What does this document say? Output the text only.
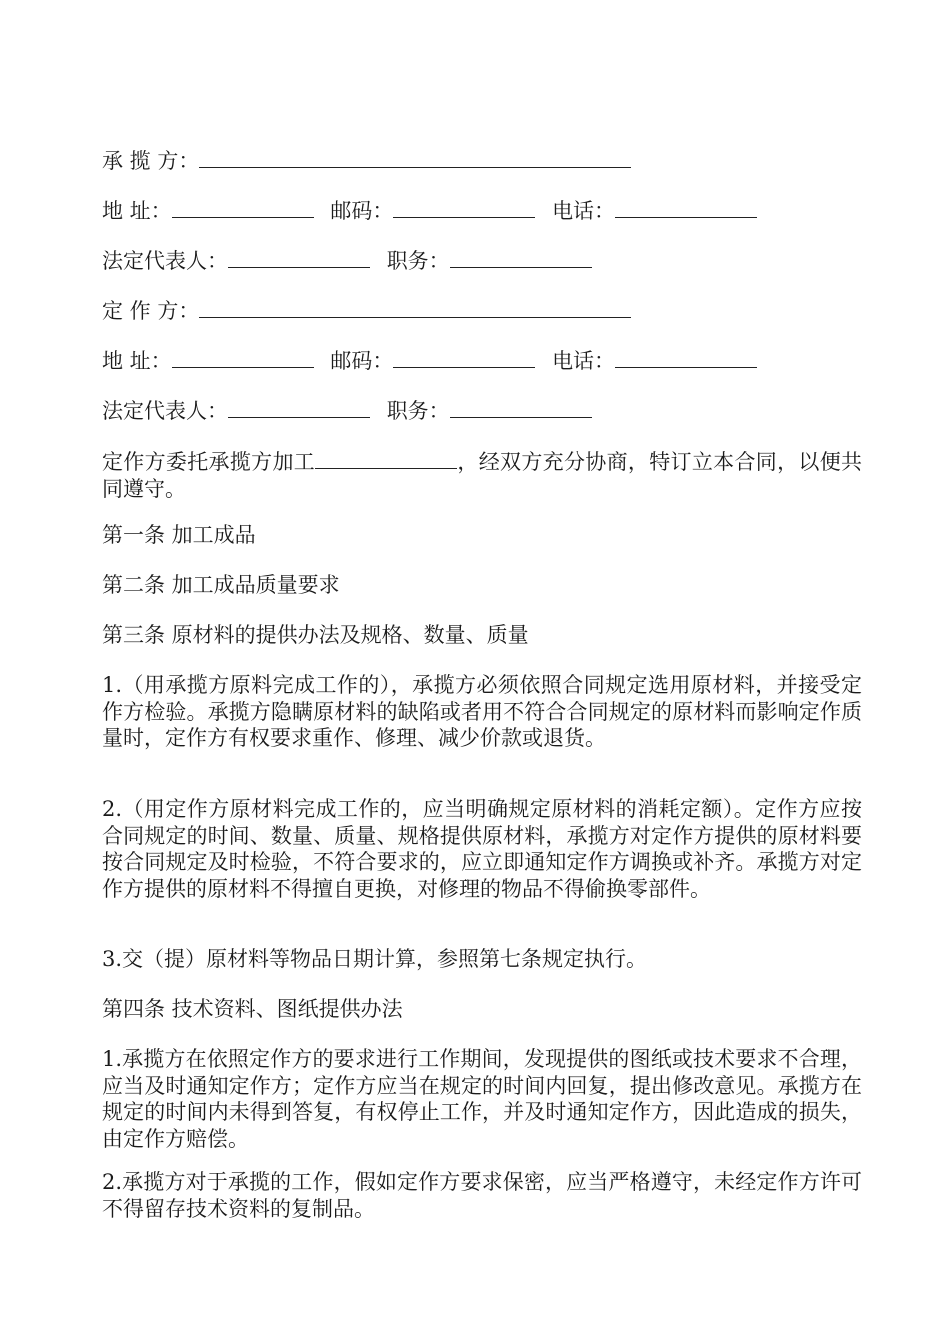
承 揽 方：
地 址：	邮码：	电话：
法定代表人：	职务：
定 作 方：
地 址：	邮码：	电话：
法定代表人：	职务：
定作方委托承揽方加工	，经双方充分协商，特订立本合同，以便共同遵守。
第一条 加工成品
第二条 加工成品质量要求
第三条 原材料的提供办法及规格、数量、质量
1.（用承揽方原料完成工作的），承揽方必须依照合同规定选用原材料，并接受定作方检验。承揽方隐瞒原材料的缺陷或者用不符合合同规定的原材料而影响定作质量时，定作方有权要求重作、修理、减少价款或退货。
2.（用定作方原材料完成工作的，应当明确规定原材料的消耗定额）。定作方应按合同规定的时间、数量、质量、规格提供原材料，承揽方对定作方提供的原材料要按合同规定及时检验，不符合要求的，应立即通知定作方调换或补齐。承揽方对定作方提供的原材料不得擅自更换，对修理的物品不得偷换零部件。
3.交（提）原材料等物品日期计算，参照第七条规定执行。
第四条 技术资料、图纸提供办法
1.承揽方在依照定作方的要求进行工作期间，发现提供的图纸或技术要求不合理，应当及时通知定作方；定作方应当在规定的时间内回复，提出修改意见。承揽方在规定的时间内未得到答复，有权停止工作，并及时通知定作方，因此造成的损失，由定作方赔偿。
2.承揽方对于承揽的工作，假如定作方要求保密，应当严格遵守，未经定作方许可不得留存技术资料的复制品。
